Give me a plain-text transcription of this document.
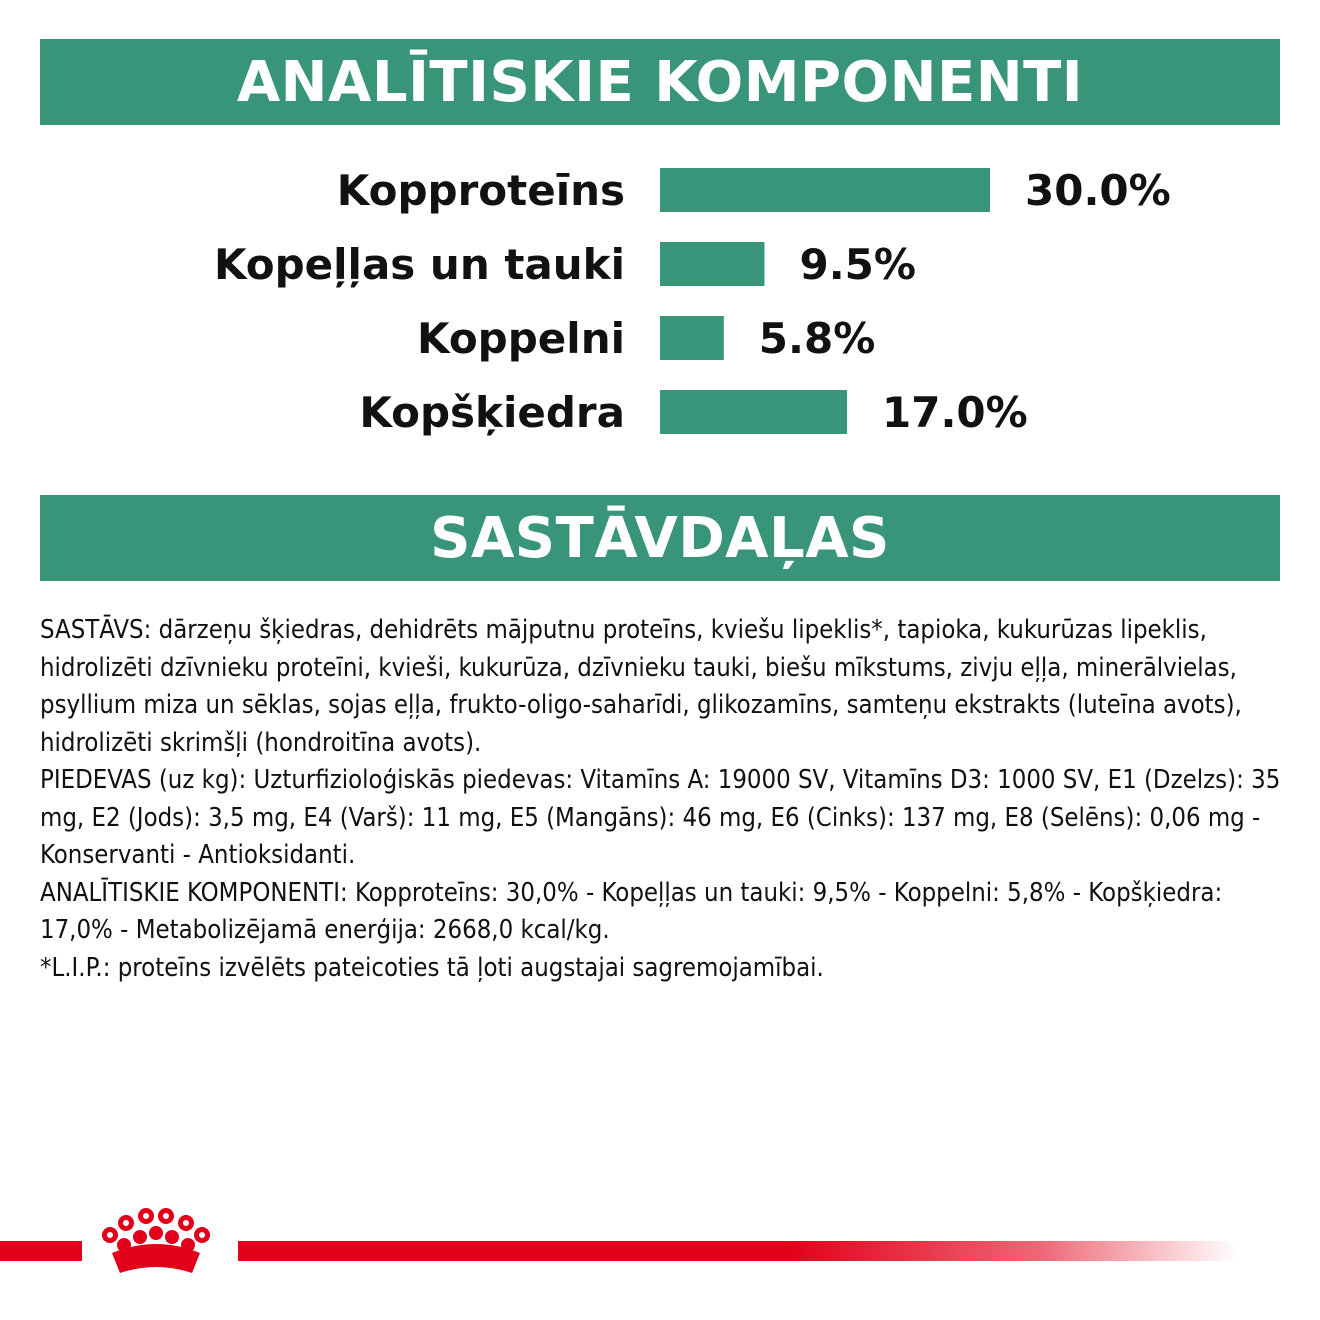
ANALĪTISKIE KOMPONENTI
Kopproteīns	30.0%
Kopeļļas un tauki	9.5%
Koppelni	5.8%
Kopšķiedra	17.0%
SASTĀVDAĻAS

SASTĀVS: dārzeņu šķiedras, dehidrēts mājputnu proteīns, kviešu lipeklis*, tapioka, kukurūzas lipeklis, hidrolizēti dzīvnieku proteīni, kvieši, kukurūza, dzīvnieku tauki, biešu mīkstums, zivju eļļa, minerālvielas, psyllium miza un sēklas, sojas eļļa, frukto-oligo-saharīdi, glikozamīns, samteņu ekstrakts (luteīna avots), hidrolizēti skrimšļi (hondroitīna avots).

PIEDEVAS (uz kg): Uzturfizioloģiskās piedevas: Vitamīns A: 19000 SV, Vitamīns D3: 1000 SV, E1 (Dzelzs): 35 mg, E2 (Jods): 3,5 mg, E4 (Varš): 11 mg, E5 (Mangāns): 46 mg, E6 (Cinks): 137 mg, E8 (Selēns): 0,06 mg - Konservanti - Antioksidanti.

ANALĪTISKIE KOMPONENTI: Kopproteīns: 30,0% - Kopeļļas un tauki: 9,5% - Koppelni: 5,8% - Kopšķiedra: 17,0% - Metabolizējamā enerģija: 2668,0 kcal/kg.

*L.I.P.: proteīns izvēlēts pateicoties tā ļoti augstajai sagremojamībai.
